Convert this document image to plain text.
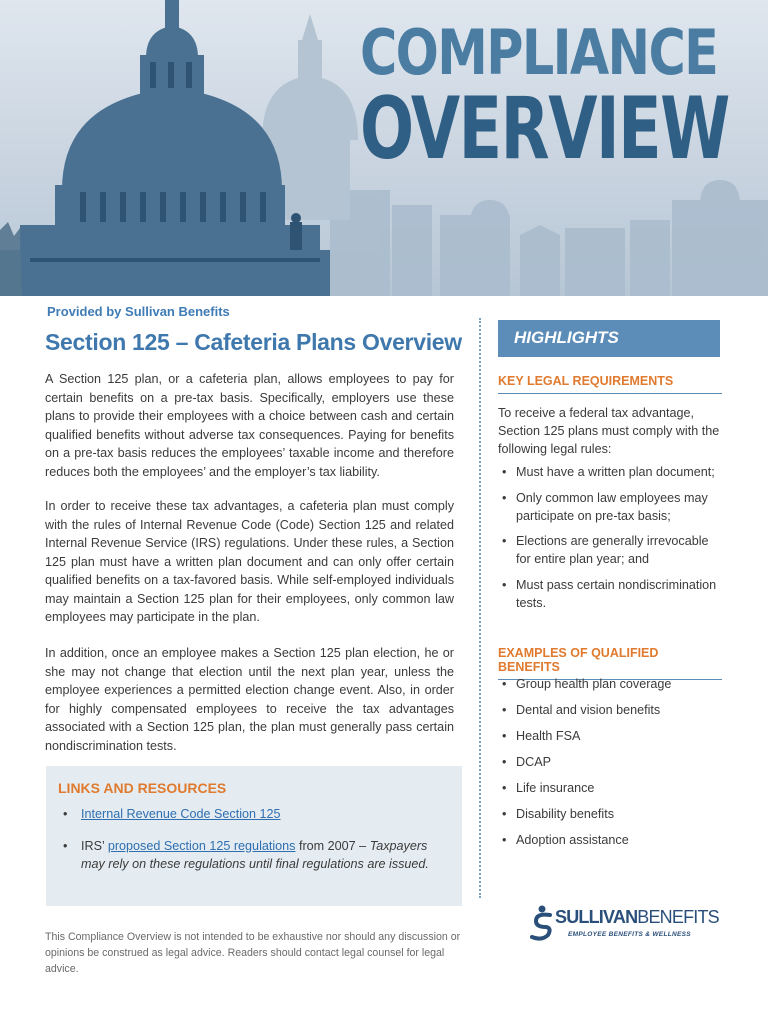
COMPLIANCE
OVERVIEW
Provided by Sullivan Benefits
Section 125 – Cafeteria Plans Overview

A Section 125 plan, or a cafeteria plan, allows employees to pay for certain benefits on a pre-tax basis. Specifically, employers use these plans to provide their employees with a choice between cash and certain qualified benefits without adverse tax consequences. Paying for benefits on a pre-tax basis reduces the employees’ taxable income and therefore reduces both the employees’ and the employer’s tax liability.

In order to receive these tax advantages, a cafeteria plan must comply with the rules of Internal Revenue Code (Code) Section 125 and related Internal Revenue Service (IRS) regulations. Under these rules, a Section 125 plan must have a written plan document and can only offer certain qualified benefits on a tax-favored basis. While self-employed individuals may maintain a Section 125 plan for their employees, only common law employees may participate in the plan.

In addition, once an employee makes a Section 125 plan election, he or she may not change that election until the next plan year, unless the employee experiences a permitted election change event. Also, in order for highly compensated employees to receive the tax advantages associated with a Section 125 plan, the plan must generally pass certain nondiscrimination tests.

LINKS AND RESOURCES
• Internal Revenue Code Section 125
• IRS’ proposed Section 125 regulations from 2007 – Taxpayers may rely on these regulations until final regulations are issued.

This Compliance Overview is not intended to be exhaustive nor should any discussion or opinions be construed as legal advice. Readers should contact legal counsel for legal advice.

HIGHLIGHTS
KEY LEGAL REQUIREMENTS

To receive a federal tax advantage, Section 125 plans must comply with the following legal rules:

• Must have a written plan document;
• Only common law employees may participate on pre-tax basis;
• Elections are generally irrevocable for entire plan year; and
• Must pass certain nondiscrimination tests.
EXAMPLES OF QUALIFIED BENEFITS
• Group health plan coverage
• Dental and vision benefits
• Health FSA
• DCAP
• Life insurance
• Disability benefits
• Adoption assistance
SULLIVANBENEFITS
EMPLOYEE BENEFITS & WELLNESS
